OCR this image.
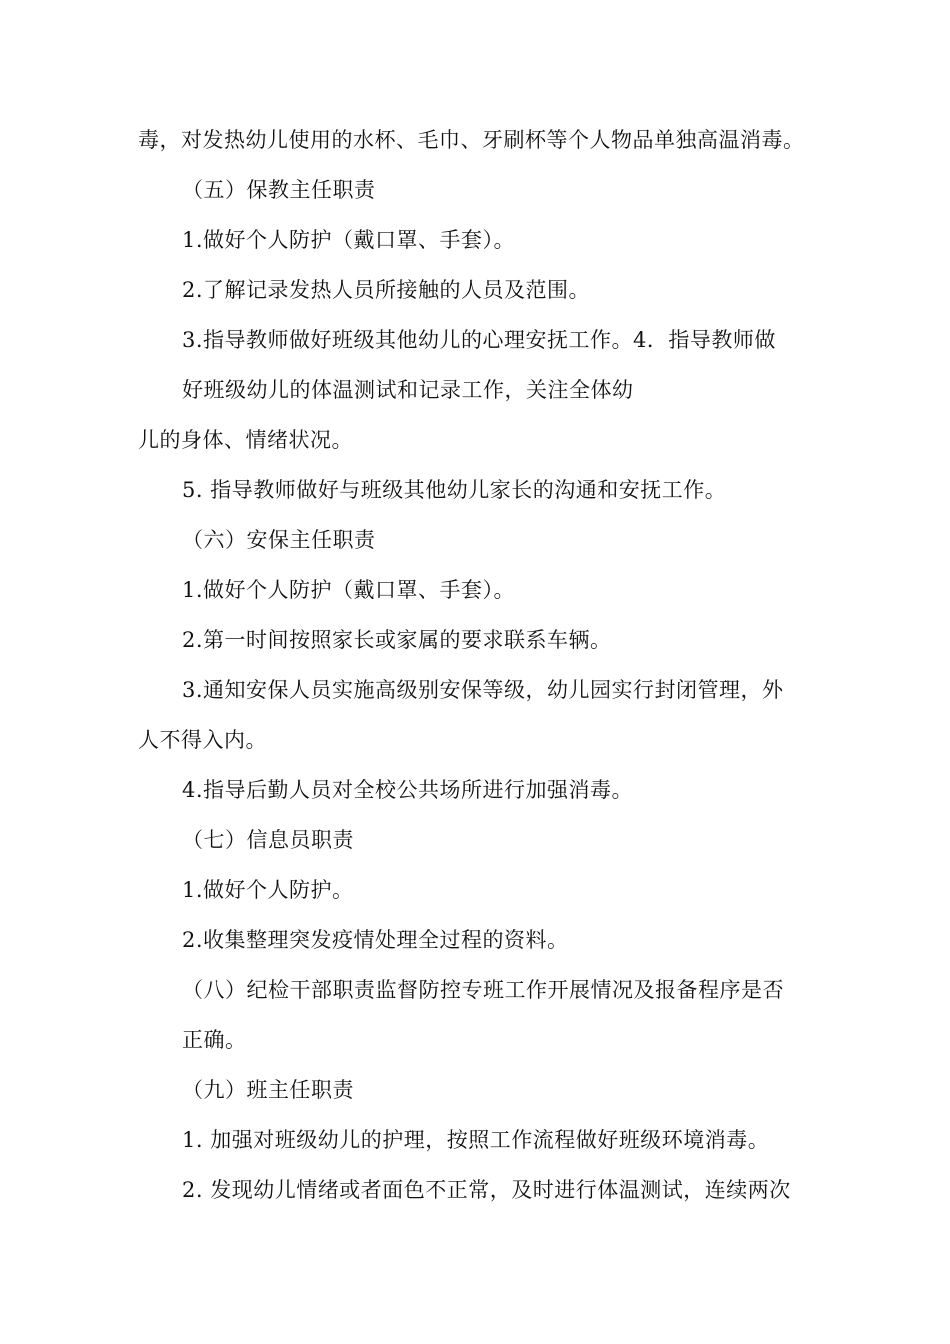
毒，对发热幼儿使用的水杯、毛巾、牙刷杯等个人物品单独高温消毒。
（五）保教主任职责
1.做好个人防护（戴口罩、手套）。
2.了解记录发热人员所接触的人员及范围。
3.指导教师做好班级其他幼儿的心理安抚工作。4．指导教师做
好班级幼儿的体温测试和记录工作，关注全体幼
儿的身体、情绪状况。
5. 指导教师做好与班级其他幼儿家长的沟通和安抚工作。
（六）安保主任职责
1.做好个人防护（戴口罩、手套）。
2.第一时间按照家长或家属的要求联系车辆。
3.通知安保人员实施高级别安保等级，幼儿园实行封闭管理，外
人不得入内。
4.指导后勤人员对全校公共场所进行加强消毒。
（七）信息员职责
1.做好个人防护。
2.收集整理突发疫情处理全过程的资料。
（八）纪检干部职责监督防控专班工作开展情况及报备程序是否
正确。
（九）班主任职责
1. 加强对班级幼儿的护理，按照工作流程做好班级环境消毒。
2. 发现幼儿情绪或者面色不正常，及时进行体温测试，连续两次
